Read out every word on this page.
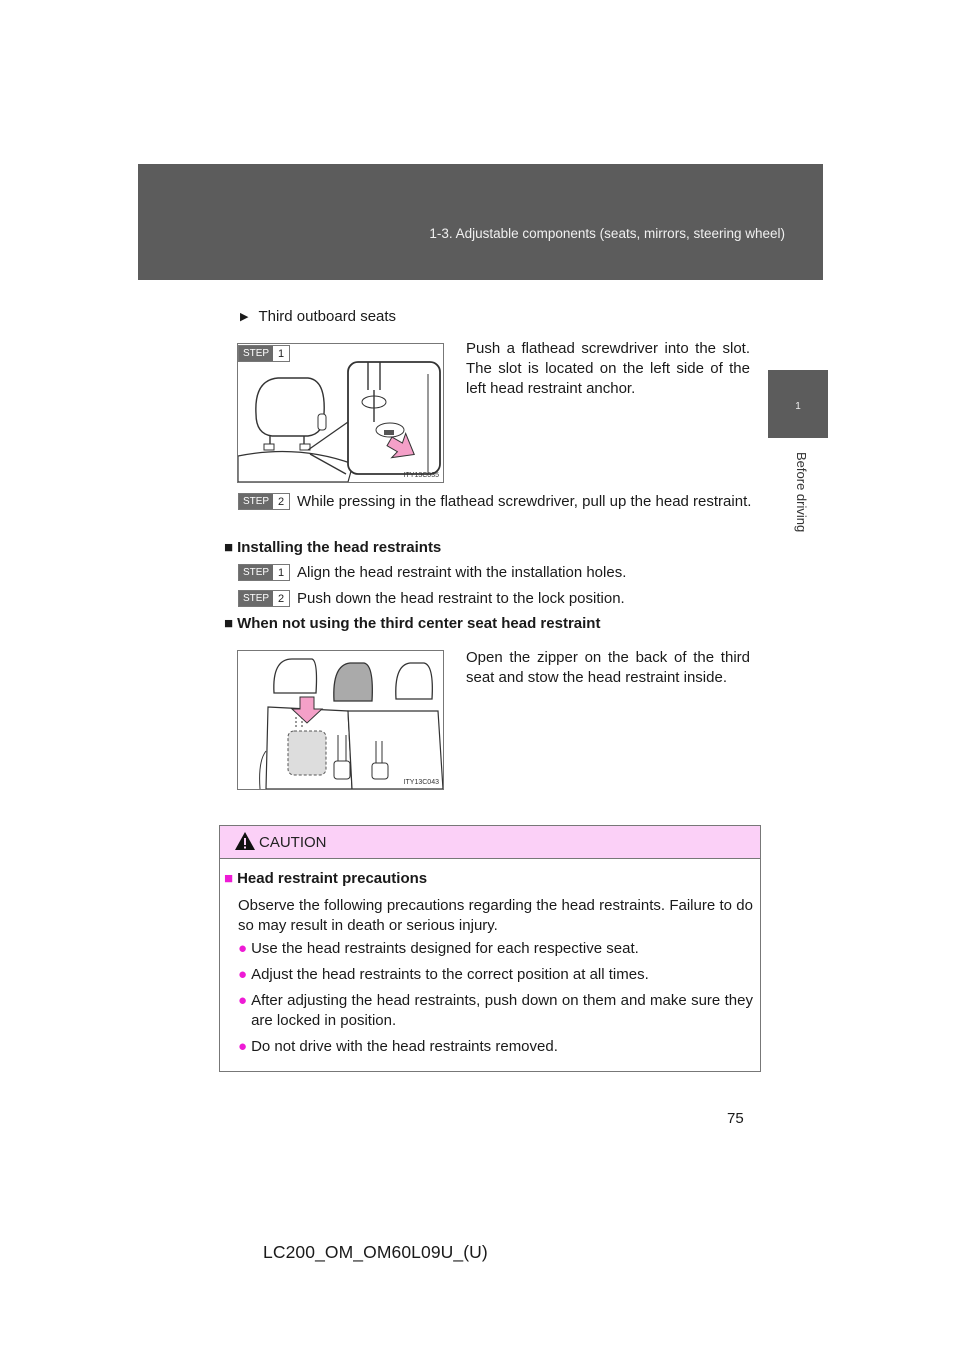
1-3. Adjustable components (seats, mirrors, steering wheel)
1
Before driving
▶ Third outboard seats
ITY13C035
STEP 1	Push a flathead screwdriver into the slot. The slot is located on the left side of the left head restraint anchor.
STEP 2 While pressing in the flathead screwdriver, pull up the head restraint.
■ Installing the head restraints
STEP 1 Align the head restraint with the installation holes.
STEP 2 Push down the head restraint to the lock position.
■ When not using the third center seat head restraint
ITY13C043
Open the zipper on the back of the third seat and stow the head restraint inside.
CAUTION
■ Head restraint precautions
Observe the following precautions regarding the head restraints. Failure to do so may result in death or serious injury.
● Use the head restraints designed for each respective seat.
● Adjust the head restraints to the correct position at all times.
● After adjusting the head restraints, push down on them and make sure they are locked in position.
● Do not drive with the head restraints removed.
75
LC200_OM_OM60L09U_(U)
